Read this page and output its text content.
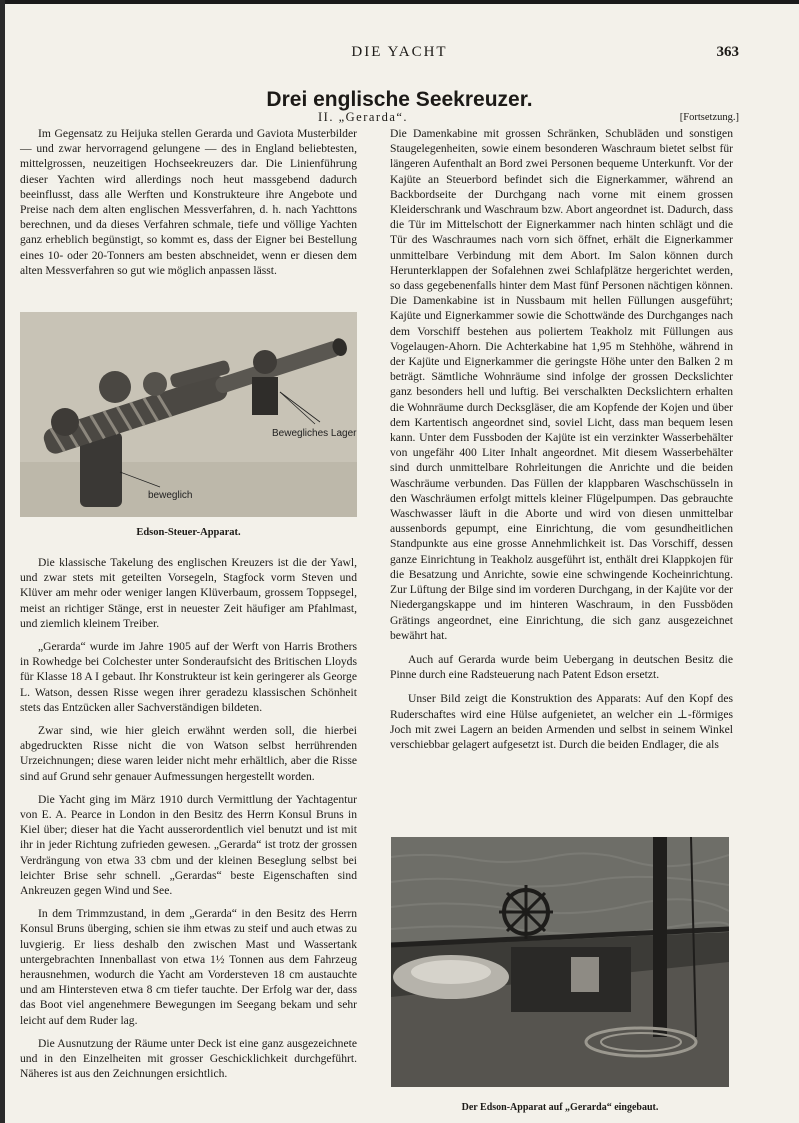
DIE YACHT	363
Drei englische Seekreuzer.
II. „Gerarda“.	[Fortsetzung.]

Im Gegensatz zu Heijuka stellen Gerarda und Gaviota Musterbilder — und zwar hervorragend gelungene — des in England beliebtesten, mittelgrossen, neuzeitigen Hochseekreuzers dar. Die Linienführung dieser Yachten wird allerdings noch heut massgebend dadurch beeinflusst, dass alle Werften und Konstrukteure ihre Angebote und Preise nach dem alten englischen Messverfahren, d. h. nach Yachttons berechnen, und da dieses Verfahren schmale, tiefe und völlige Yachten ganz erheblich begünstigt, so kommt es, dass der Eigner bei Bestellung eines 10- oder 20-Tonners am besten abschneidet, wenn er diesen dem alten Messverfahren so gut wie möglich anpassen lässt.

Bewegliches Lager
beweglich
Edson-Steuer-Apparat.

Die klassische Takelung des englischen Kreuzers ist die der Yawl, und zwar stets mit geteilten Vorsegeln, Stagfock vorm Steven und Klüver am mehr oder weniger langen Klüverbaum, grossem Toppsegel, meist an richtiger Stänge, erst in neuester Zeit häufiger am Pfahlmast, und ziemlich kleinem Treiber.

„Gerarda“ wurde im Jahre 1905 auf der Werft von Harris Brothers in Rowhedge bei Colchester unter Sonderaufsicht des Britischen Lloyds für Klasse 18 A I gebaut. Ihr Konstrukteur ist kein geringerer als George L. Watson, dessen Risse wegen ihrer geradezu klassischen Schönheit stets das Entzücken aller Sachverständigen bildeten.

Zwar sind, wie hier gleich erwähnt werden soll, die hierbei abgedruckten Risse nicht die von Watson selbst herrührenden Urzeichnungen; diese waren leider nicht mehr erhältlich, aber die Risse sind auf Grund sehr genauer Aufmessungen hergestellt worden.

Die Yacht ging im März 1910 durch Vermittlung der Yachtagentur von E. A. Pearce in London in den Besitz des Herrn Konsul Bruns in Kiel über; dieser hat die Yacht ausserordentlich viel benutzt und ist mit ihr in jeder Richtung zufrieden gewesen. „Gerarda“ ist trotz der grossen Verdrängung von etwa 33 cbm und der kleinen Beseglung selbst bei leichter Brise sehr schnell. „Gerardas“ beste Eigenschaften sind Ankreuzen gegen Wind und See.

In dem Trimmzustand, in dem „Gerarda“ in den Besitz des Herrn Konsul Bruns überging, schien sie ihm etwas zu steif und auch etwas zu luvgierig. Er liess deshalb den zwischen Mast und Wassertank untergebrachten Innenballast von etwa 1½ Tonnen aus dem Fahrzeug herausnehmen, wodurch die Yacht am Vordersteven 18 cm austauchte und am Hintersteven etwa 8 cm tiefer tauchte. Der Erfolg war der, dass das Boot viel angenehmere Bewegungen im Seegang bekam und sehr leicht auf dem Ruder lag.

Die Ausnutzung der Räume unter Deck ist eine ganz ausgezeichnete und in den Einzelheiten mit grosser Geschicklichkeit durchgeführt. Näheres ist aus den Zeichnungen ersichtlich.

Die Damenkabine mit grossen Schränken, Schubläden und sonstigen Staugelegenheiten, sowie einem besonderen Waschraum bietet selbst für längeren Aufenthalt an Bord zwei Personen bequeme Unterkunft. Vor der Kajüte an Steuerbord befindet sich die Eignerkammer, während an Backbordseite der Durchgang nach vorne mit einem grossen Kleiderschrank und Waschraum bzw. Abort angeordnet ist. Dadurch, dass die Tür im Mittelschott der Eignerkammer nach hinten schlägt und die Tür des Waschraumes nach vorn sich öffnet, erhält die Eignerkammer unmittelbare Verbindung mit dem Abort. Im Salon können durch Herunterklappen der Sofalehnen zwei Schlafplätze hergerichtet werden, so dass gegebenenfalls hinter dem Mast fünf Personen nächtigen können. Die Damenkabine ist in Nussbaum mit hellen Füllungen ausgeführt; Kajüte und Eignerkammer sowie die Schottwände des Durchganges nach dem Vorschiff bestehen aus poliertem Teakholz mit Füllungen aus Vogelaugen-Ahorn. Die Achterkabine hat 1,95 m Stehhöhe, während in der Kajüte und Eignerkammer die geringste Höhe unter den Balken 2 m beträgt. Sämtliche Wohnräume sind infolge der grossen Deckslichter ganz besonders hell und luftig. Bei verschalkten Deckslichtern erhalten die Wohnräume durch Decksgläser, die am Kopfende der Kojen und über dem Kartentisch angeordnet sind, soviel Licht, dass man bequem lesen kann. Unter dem Fussboden der Kajüte ist ein verzinkter Wasserbehälter von ungefähr 400 Liter Inhalt angeordnet. Mit diesem Wasserbehälter sind durch unmittelbare Rohrleitungen die Anrichte und die beiden Waschräume verbunden. Das Füllen der klappbaren Waschschüsseln in den Waschräumen erfolgt mittels kleiner Flügelpumpen. Das gebrauchte Waschwasser läuft in die Aborte und wird von diesen unmittelbar aussenbords gepumpt, eine Einrichtung, die vom gesundheitlichen Standpunkte aus eine grosse Annehmlichkeit ist. Das Vorschiff, dessen ganze Einrichtung in Teakholz ausgeführt ist, enthält drei Klappkojen für die Besatzung und Anrichte, sowie eine schwingende Kocheinrichtung. Zur Lüftung der Bilge sind im vorderen Durchgang, in der Kajüte vor der Niedergangskappe und im hinteren Waschraum, in den Fussböden Grätings angeordnet, eine Einrichtung, die sich ganz ausgezeichnet bewährt hat.

Auch auf Gerarda wurde beim Uebergang in deutschen Besitz die Pinne durch eine Radsteuerung nach Patent Edson ersetzt.

Unser Bild zeigt die Konstruktion des Apparats: Auf den Kopf des Ruderschaftes wird eine Hülse aufgenietet, an welcher ein ⊥-förmiges Joch mit zwei Lagern an beiden Armenden und selbst in seinem Winkel verschiebbar gelagert aufgesetzt ist. Durch die beiden Endlager, die als

Der Edson-Apparat auf „Gerarda“ eingebaut.
